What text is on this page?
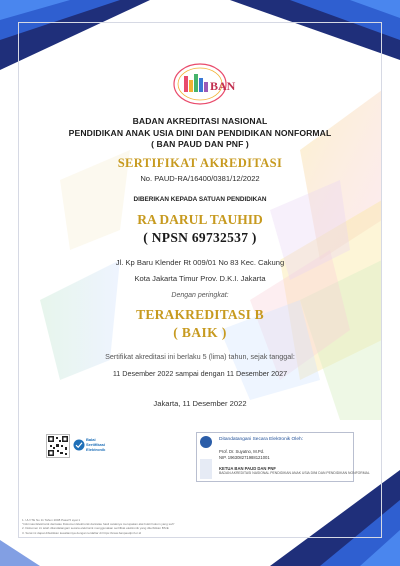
BAN
BADAN AKREDITASI NASIONAL
PENDIDIKAN ANAK USIA DINI DAN PENDIDIKAN NONFORMAL
( BAN PAUD DAN PNF )
SERTIFIKAT AKREDITASI
No. PAUD-RA/16400/0381/12/2022
DIBERIKAN KEPADA SATUAN PENDIDIKAN
RA DARUL TAUHID
( NPSN 69732537 )
Jl. Kp Baru Klender Rt 009/01 No 83 Kec. Cakung
Kota Jakarta Timur Prov. D.K.I. Jakarta
Dengan peringkat:
TERAKREDITASI B
( BAIK )
Sertifikat akreditasi ini berlaku 5 (lima) tahun, sejak tanggal:
11 Desember 2022 sampai dengan 11 Desember 2027
Jakarta, 11 Desember 2022
Balai
Sertifikasi
Elektronik
Ditandatangani Secara Elektronik Oleh:
Prof. Dr. Suyatno, M.Pd.
NIP. 196308271988121001
KETUA BAN PAUD DAN PNF
BADAN AKREDITASI NASIONAL PENDIDIKAN ANAK USIA DINI DAN PENDIDIKAN NONFORMAL
1. UU ITE No 11 Tahun 2008 Pasal 5 ayat 1
"Informasi Elektronik dan/atau Dokumen Elektronik dan/atau hasil cetaknya merupakan alat bukti hukum yang sah"
2. Dokumen ini telah ditandatangani secara elektronik menggunakan sertifikat elektronik yang diterbitkan BSrE
3. Surat ini dapat dibuktikan keasliannya dengan terdaftar di https://www.banpaudpnf.or.id
